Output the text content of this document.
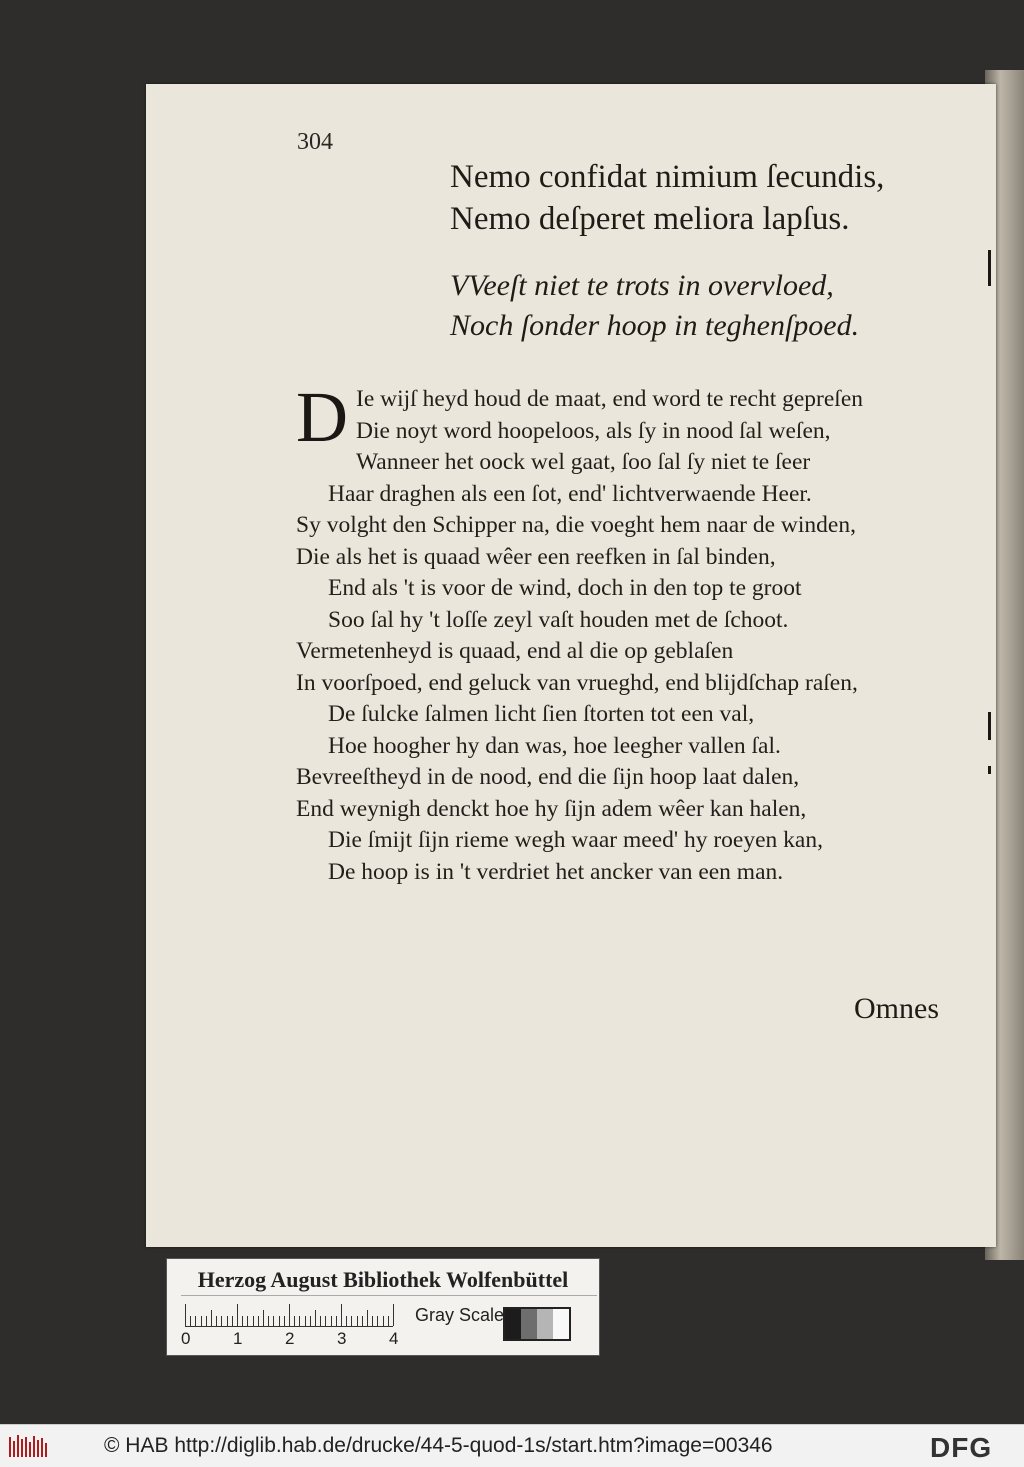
304
Nemo confidat nimium ſecundis,
Nemo deſperet meliora lapſus.
VVeeſt niet te trots in overvloed,
Noch ſonder hoop in teghenſpoed.
D Ie wijſ heyd houd de maat, end word te recht gepreſen
Die noyt word hoopeloos, als ſy in nood ſal weſen,
Wanneer het oock wel gaat, ſoo ſal ſy niet te ſeer
Haar draghen als een ſot, end' lichtverwaende Heer.
Sy volght den Schipper na, die voeght hem naar de winden,
Die als het is quaad wêer een reefken in ſal binden,
End als 't is voor de wind, doch in den top te groot
Soo ſal hy 't loſſe zeyl vaſt houden met de ſchoot.
Vermetenheyd is quaad, end al die op geblaſen
In voorſpoed, end geluck van vrueghd, end blijdſchap raſen,
De ſulcke ſalmen licht ſien ſtorten tot een val,
Hoe hoogher hy dan was, hoe leegher vallen ſal.
Bevreeſtheyd in de nood, end die ſijn hoop laat dalen,
End weynigh denckt hoe hy ſijn adem wêer kan halen,
Die ſmijt ſijn rieme wegh waar meed' hy roeyen kan,
De hoop is in 't verdriet het ancker van een man.
Omnes
Herzog August Bibliothek Wolfenbüttel
0	1	2	3	4
Gray Scale
© HAB http://diglib.hab.de/drucke/44-5-quod-1s/start.htm?image=00346	DFG
